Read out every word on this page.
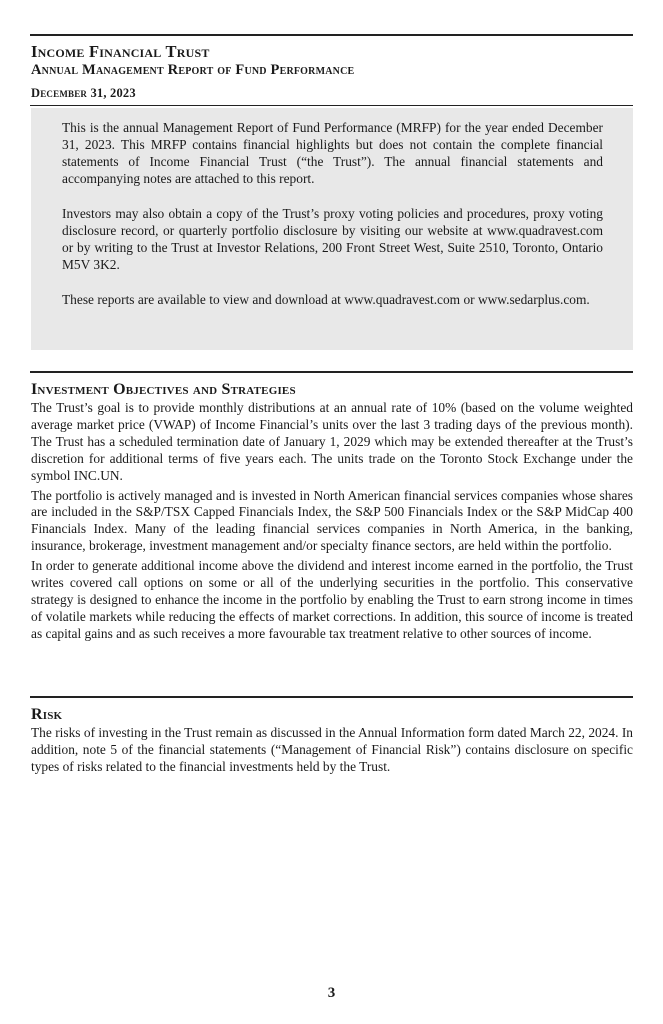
Income Financial Trust
Annual Management Report of Fund Performance
December 31, 2023

This is the annual Management Report of Fund Performance (MRFP) for the year ended December 31, 2023. This MRFP contains financial highlights but does not contain the complete financial statements of Income Financial Trust (“the Trust”). The annual financial statements and accompanying notes are attached to this report.

Investors may also obtain a copy of the Trust’s proxy voting policies and procedures, proxy voting disclosure record, or quarterly portfolio disclosure by visiting our website at www.quadravest.com or by writing to the Trust at Investor Relations, 200 Front Street West, Suite 2510, Toronto, Ontario M5V 3K2.

These reports are available to view and download at www.quadravest.com or www.sedarplus.com.

Investment Objectives and Strategies

The Trust’s goal is to provide monthly distributions at an annual rate of 10% (based on the volume weighted average market price (VWAP) of Income Financial’s units over the last 3 trading days of the previous month). The Trust has a scheduled termination date of January 1, 2029 which may be extended thereafter at the Trust’s discretion for additional terms of five years each. The units trade on the Toronto Stock Exchange under the symbol INC.UN.

The portfolio is actively managed and is invested in North American financial services companies whose shares are included in the S&P/TSX Capped Financials Index, the S&P 500 Financials Index or the S&P MidCap 400 Financials Index. Many of the leading financial services companies in North America, in the banking, insurance, brokerage, investment management and/or specialty finance sectors, are held within the portfolio.

In order to generate additional income above the dividend and interest income earned in the portfolio, the Trust writes covered call options on some or all of the underlying securities in the portfolio. This conservative strategy is designed to enhance the income in the portfolio by enabling the Trust to earn strong income in times of volatile markets while reducing the effects of market corrections. In addition, this source of income is treated as capital gains and as such receives a more favourable tax treatment relative to other sources of income.

Risk

The risks of investing in the Trust remain as discussed in the Annual Information form dated March 22, 2024. In addition, note 5 of the financial statements (“Management of Financial Risk”) contains disclosure on specific types of risks related to the financial investments held by the Trust.

3
